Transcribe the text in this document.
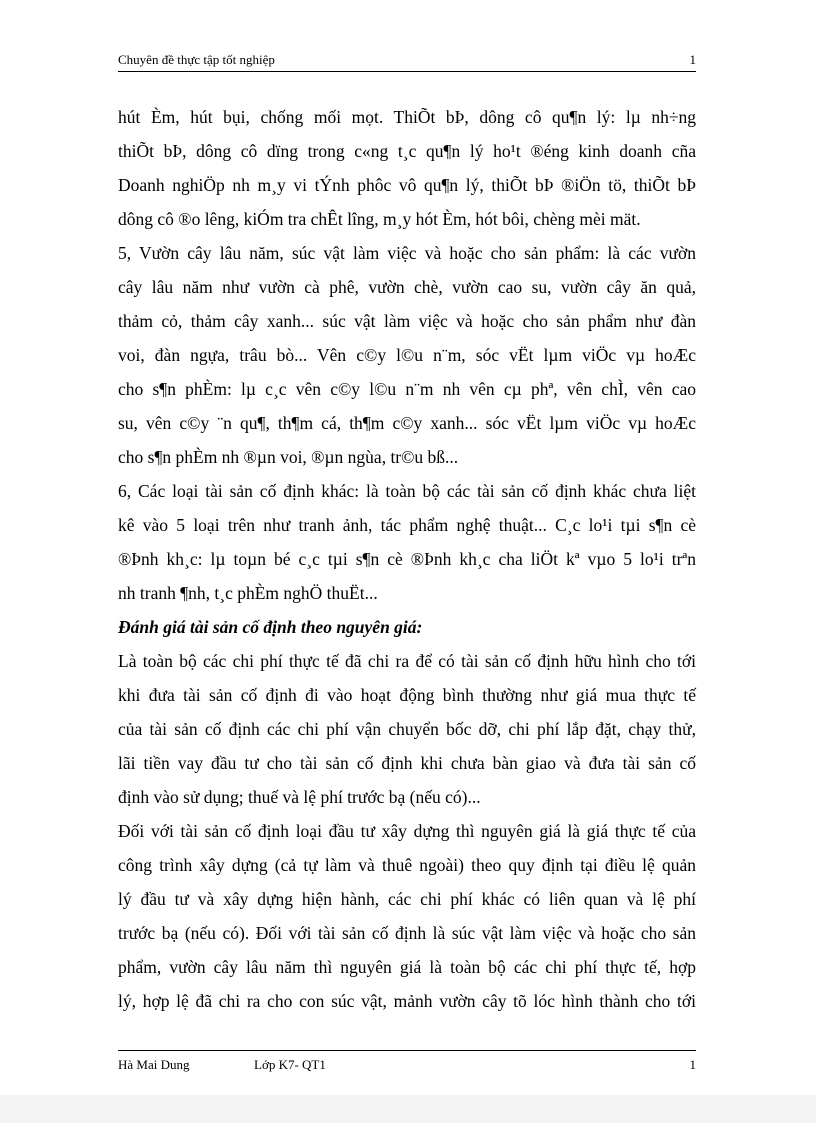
Chuyên đề thực tập tốt nghiệp	1
hút Èm, hút bụi, chống mối mọt. ThiÕt bÞ, dông cô qu¶n lý: lµ nh÷ng
thiÕt bÞ, dông cô dïng trong c«ng t¸c qu¶n lý ho¹t ®éng kinh doanh cña
Doanh nghiÖp nh m¸y vi tÝnh phôc vô qu¶n lý, thiÕt bÞ ®iÖn tö, thiÕt bÞ
dông cô ®o lêng, kiÓm tra chÊt lîng, m¸y hót Èm, hót bôi, chèng mèi mät.
5, Vườn cây lâu năm, súc vật làm việc và hoặc cho sản phẩm: là các vườn
cây lâu năm như vườn cà phê, vườn chè, vườn cao su, vườn cây ăn quả,
thảm cỏ, thảm cây xanh... súc vật làm việc và hoặc cho sản phẩm như đàn
voi, đàn ngựa, trâu bò... Vên c©y l©u n¨m, sóc vËt lµm viÖc vµ hoÆc
cho s¶n phÈm: lµ c¸c vên c©y l©u n¨m nh vên cµ phª, vên chÌ, vên cao
su, vên c©y ¨n qu¶, th¶m cá, th¶m c©y xanh... sóc vËt lµm viÖc vµ hoÆc
cho s¶n phÈm nh ®µn voi, ®µn ngùa, tr©u bß...
6, Các loại tài sản cố định khác: là toàn bộ các tài sản cố định khác chưa liệt
kê vào 5 loại trên như tranh ảnh, tác phẩm nghệ thuật... C¸c lo¹i tµi s¶n cè
®Þnh kh¸c: lµ toµn bé c¸c tµi s¶n cè ®Þnh kh¸c cha liÖt kª vµo 5 lo¹i trªn
nh tranh ¶nh, t¸c phÈm nghÖ thuËt...
Đánh giá tài sản cố định theo nguyên giá:
Là toàn bộ các chi phí thực tế đã chi ra để có tài sản cố định hữu hình cho tới
khi đưa tài sản cố định đi vào hoạt động bình thường như giá mua thực tế
của tài sản cố định các chi phí vận chuyển bốc dỡ, chi phí lắp đặt, chạy thử,
lãi tiền vay đầu tư cho tài sản cố định khi chưa bàn giao và đưa tài sản cố
định vào sử dụng; thuế và lệ phí trước bạ (nếu có)...
Đối với tài sản cố định loại đầu tư xây dựng thì nguyên giá là giá thực tế của
công trình xây dựng (cả tự làm và thuê ngoài) theo quy định tại điều lệ quản
lý đầu tư và xây dựng hiện hành, các chi phí khác có liên quan và lệ phí
trước bạ (nếu có). Đối với tài sản cố định là súc vật làm việc và hoặc cho sản
phẩm, vườn cây lâu năm thì nguyên giá là toàn bộ các chi phí thực tế, hợp
lý, hợp lệ đã chi ra cho con súc vật, mảnh vườn cây tõ lóc hình thành cho tới
Hà Mai Dung	Lớp K7- QT1	1
